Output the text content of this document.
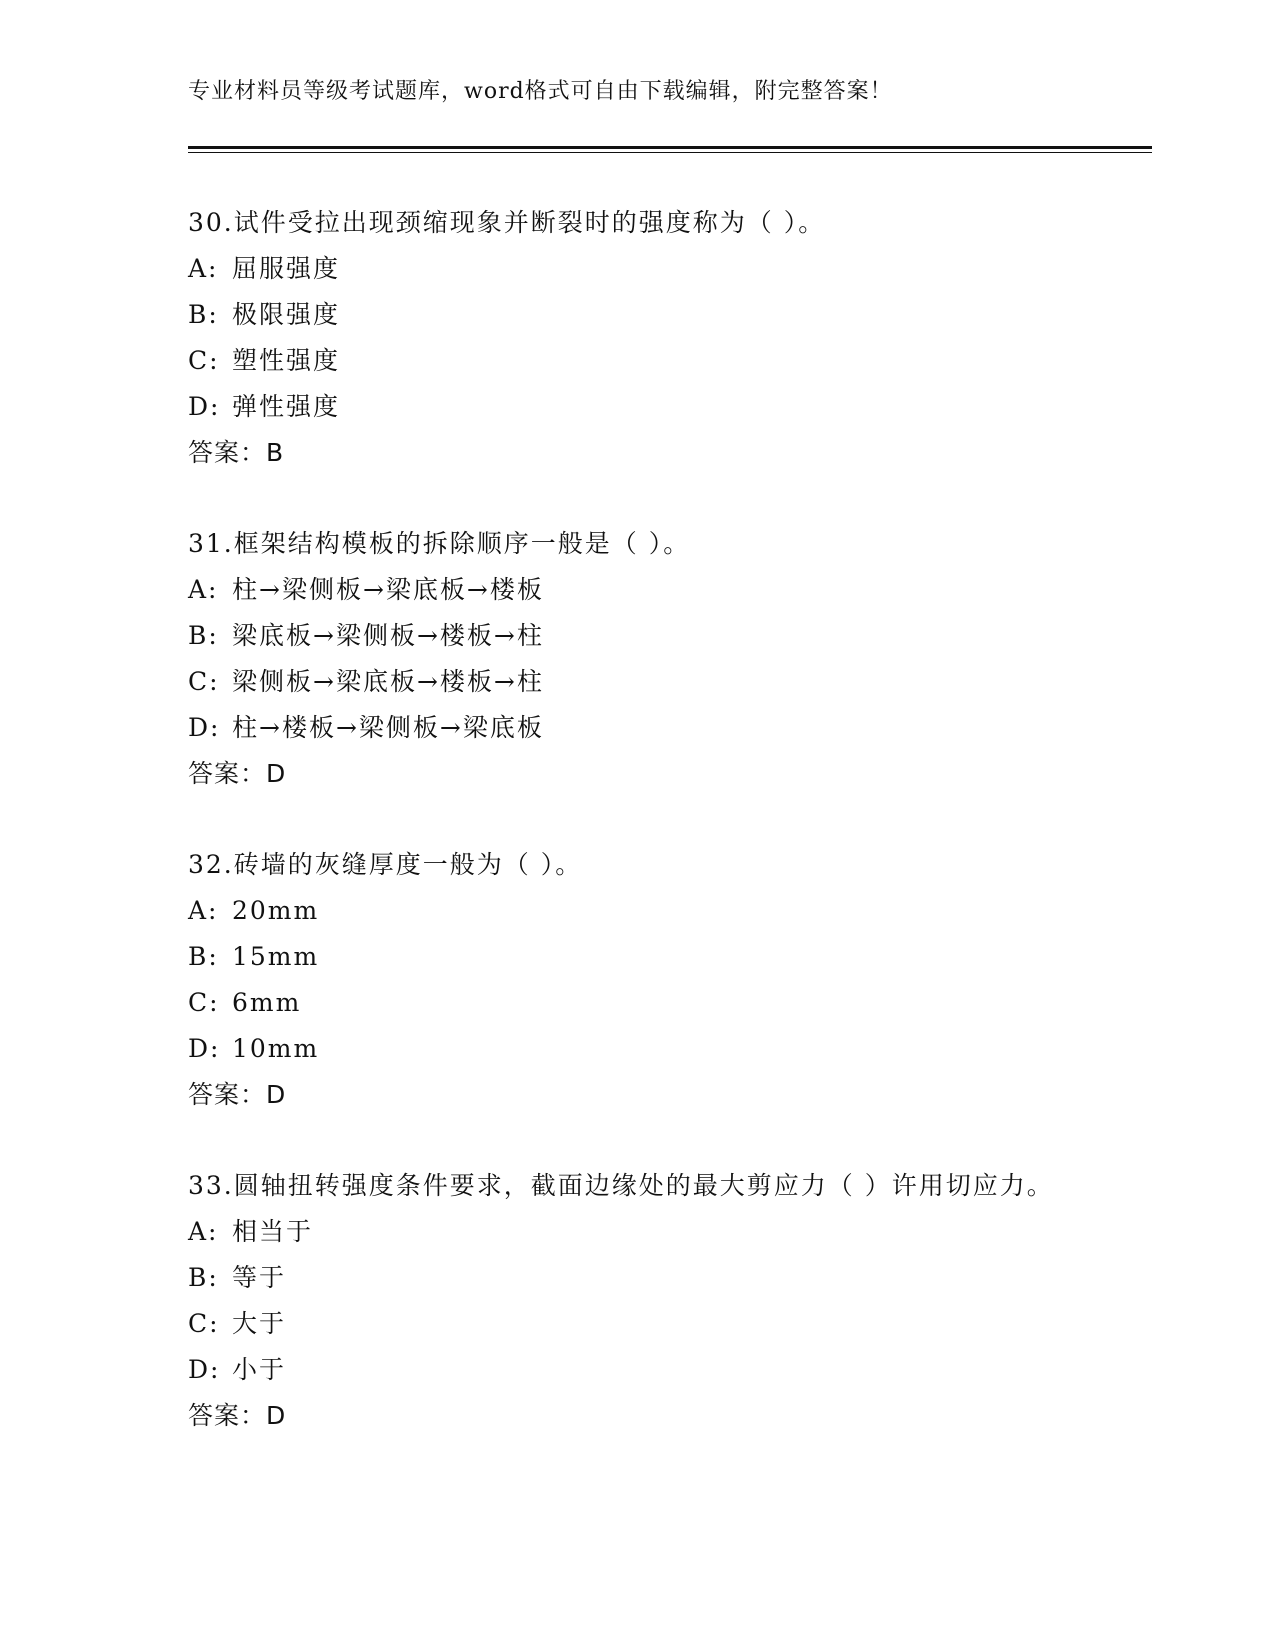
专业材料员等级考试题库，word格式可自由下载编辑，附完整答案！
30. 试件受拉出现颈缩现象并断裂时的强度称为（ ）。
A: 屈服强度
B: 极限强度
C: 塑性强度
D: 弹性强度
答案：B
31. 框架结构模板的拆除顺序一般是（ ）。
A: 柱→梁侧板→梁底板→楼板
B: 梁底板→梁侧板→楼板→柱
C: 梁侧板→梁底板→楼板→柱
D: 柱→楼板→梁侧板→梁底板
答案：D
32. 砖墙的灰缝厚度一般为（ ）。
A: 20mm
B: 15mm
C: 6mm
D: 10mm
答案：D
33. 圆轴扭转强度条件要求，截面边缘处的最大剪应力（ ）许用切应力。
A: 相当于
B: 等于
C: 大于
D: 小于
答案：D
